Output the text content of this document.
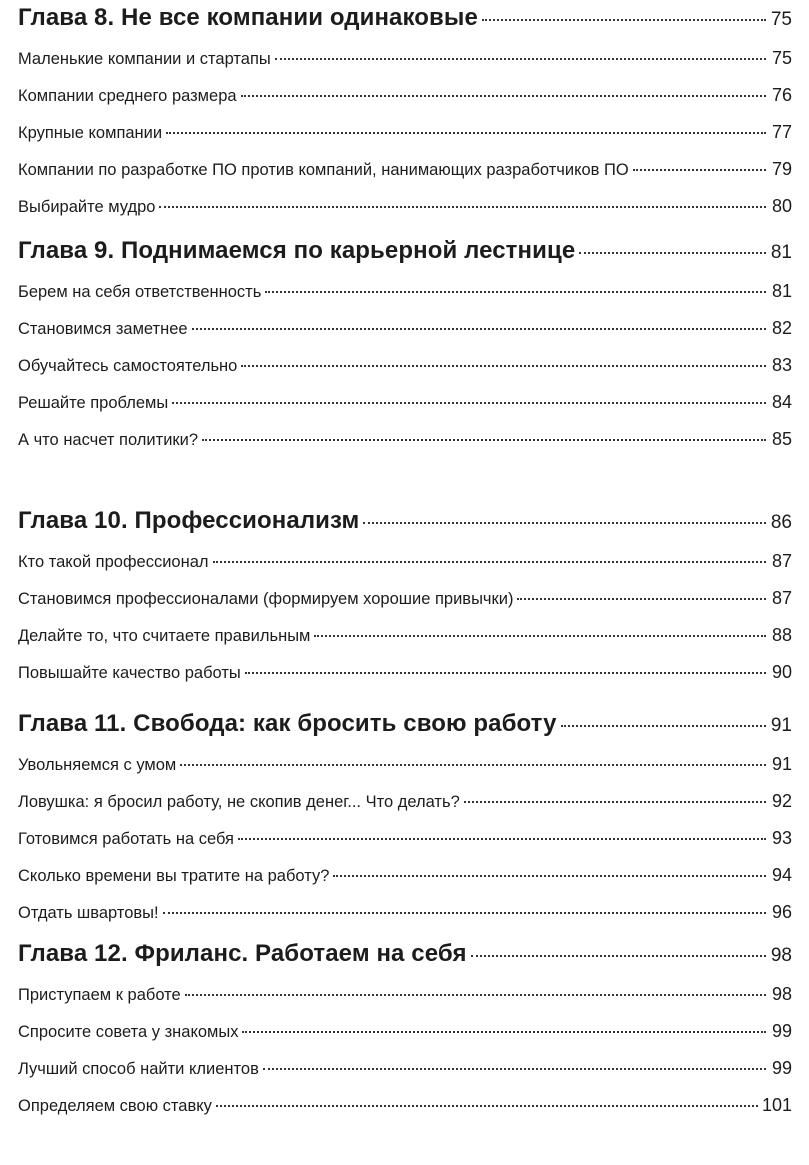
Глава 8. Не все компании одинаковые	75
Маленькие компании и стартапы	75
Компании среднего размера	76
Крупные компании	77
Компании по разработке ПО против компаний, нанимающих разработчиков ПО	79
Выбирайте мудро	80
Глава 9. Поднимаемся по карьерной лестнице	81
Берем на себя ответственность	81
Становимся заметнее	82
Обучайтесь самостоятельно	83
Решайте проблемы	84
А что насчет политики?	85
Глава 10. Профессионализм	86
Кто такой профессионал	87
Становимся профессионалами (формируем хорошие привычки)	87
Делайте то, что считаете правильным	88
Повышайте качество работы	90
Глава 11. Свобода: как бросить свою работу	91
Увольняемся с умом	91
Ловушка: я бросил работу, не скопив денег... Что делать?	92
Готовимся работать на себя	93
Сколько времени вы тратите на работу?	94
Отдать швартовы!	96
Глава 12. Фриланс. Работаем на себя	98
Приступаем к работе	98
Спросите совета у знакомых	99
Лучший способ найти клиентов	99
Определяем свою ставку	101
